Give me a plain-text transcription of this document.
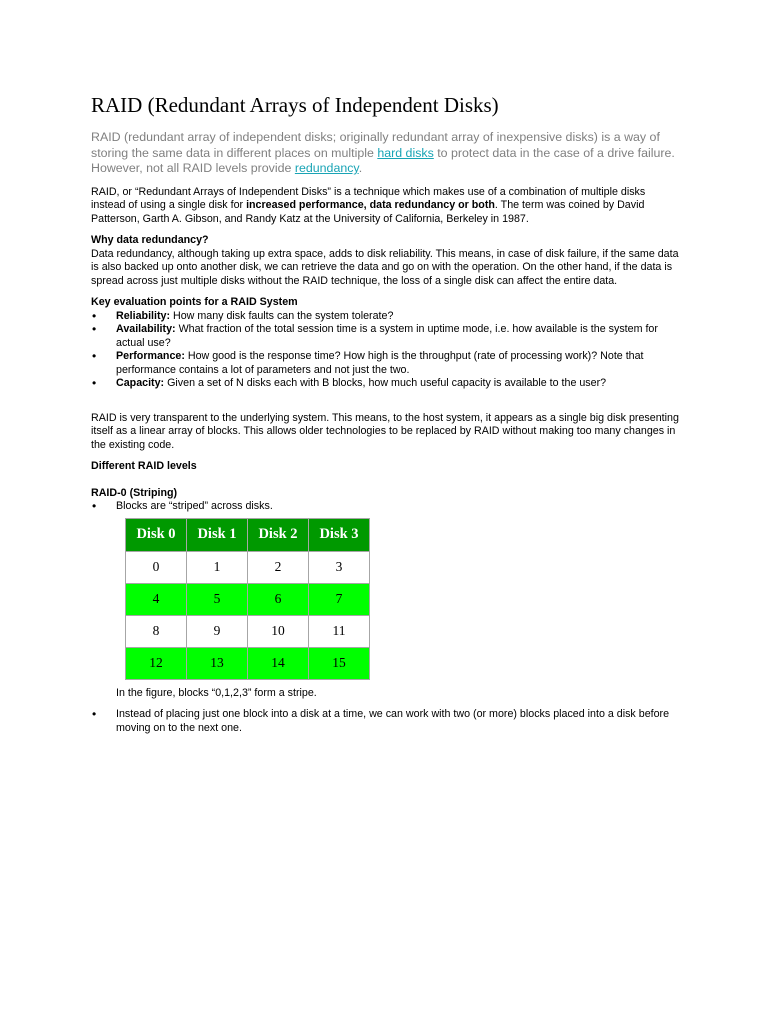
RAID (Redundant Arrays of Independent Disks)

RAID (redundant array of independent disks; originally redundant array of inexpensive disks) is a way of storing the same data in different places on multiple hard disks to protect data in the case of a drive failure. However, not all RAID levels provide redundancy.

RAID, or “Redundant Arrays of Independent Disks” is a technique which makes use of a combination of multiple disks instead of using a single disk for increased performance, data redundancy or both. The term was coined by David Patterson, Garth A. Gibson, and Randy Katz at the University of California, Berkeley in 1987.

Why data redundancy?

Data redundancy, although taking up extra space, adds to disk reliability. This means, in case of disk failure, if the same data is also backed up onto another disk, we can retrieve the data and go on with the operation. On the other hand, if the data is spread across just multiple disks without the RAID technique, the loss of a single disk can affect the entire data.

Key evaluation points for a RAID System

• Reliability: How many disk faults can the system tolerate?
• Availability: What fraction of the total session time is a system in uptime mode, i.e. how available is the system for actual use?
• Performance: How good is the response time? How high is the throughput (rate of processing work)? Note that performance contains a lot of parameters and not just the two.
• Capacity: Given a set of N disks each with B blocks, how much useful capacity is available to the user?

RAID is very transparent to the underlying system. This means, to the host system, it appears as a single big disk presenting itself as a linear array of blocks. This allows older technologies to be replaced by RAID without making too many changes in the existing code.

Different RAID levels

RAID-0 (Striping)

• Blocks are “striped” across disks.
Disk 0	Disk 1	Disk 2	Disk 3
0	1	2	3
4	5	6	7
8	9	10	11
12	13	14	15

In the figure, blocks “0,1,2,3” form a stripe.

• Instead of placing just one block into a disk at a time, we can work with two (or more) blocks placed into a disk before moving on to the next one.
